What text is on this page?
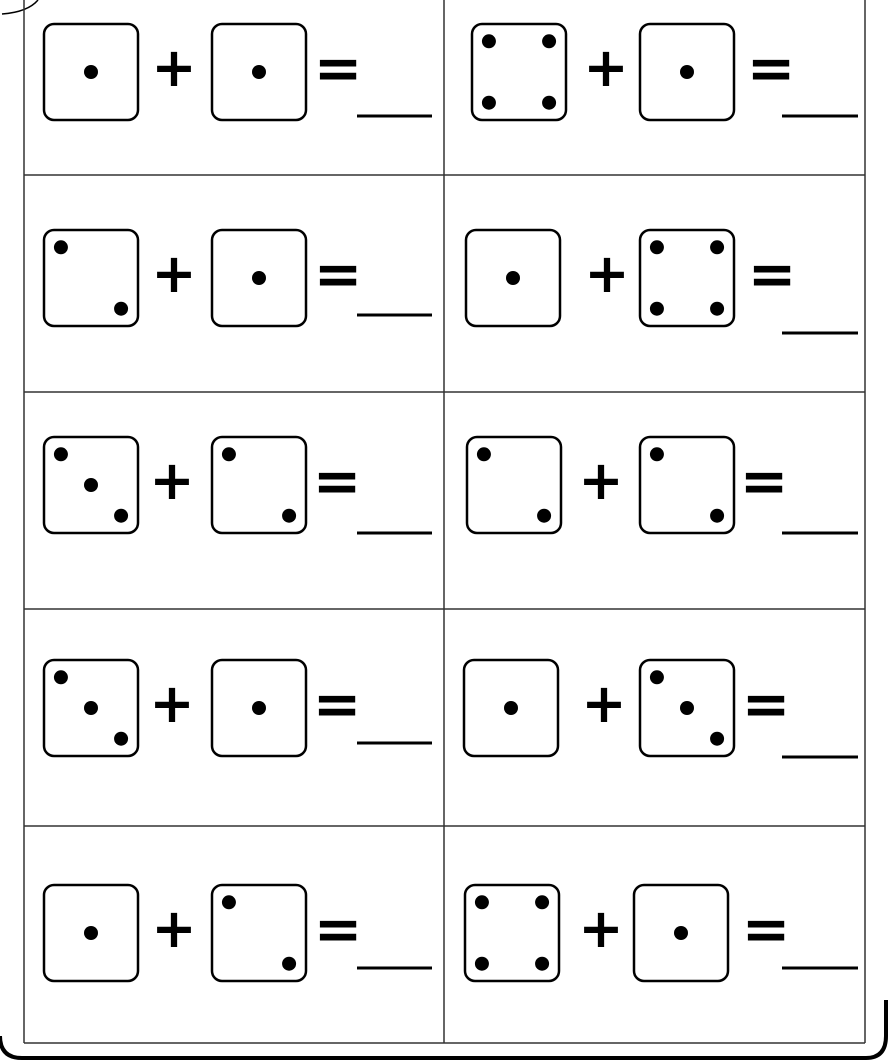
+ =	+ =
+ =	+ =
+ =	+ =
+ =	+ =
+ =	+ =
